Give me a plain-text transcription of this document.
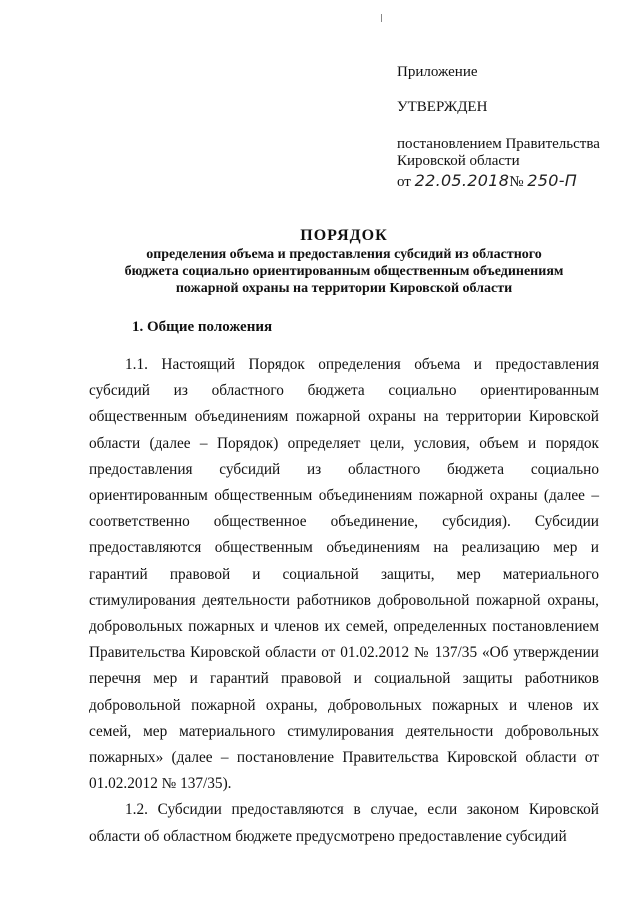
Приложение
УТВЕРЖДЕН
постановлением Правительства
Кировской области
от 22.05.2018№ 250-П
ПОРЯДОК
определения объема и предоставления субсидий из областного
бюджета социально ориентированным общественным объединениям
пожарной охраны на территории Кировской области
1. Общие положения

1.1. Настоящий Порядок определения объема и предоставления субсидий из областного бюджета социально ориентированным общественным объединениям пожарной охраны на территории Кировской области (далее – Порядок) определяет цели, условия, объем и порядок предоставления субсидий из областного бюджета социально ориентированным общественным объединениям пожарной охраны (далее – соответственно общественное объединение, субсидия). Субсидии предоставляются общественным объединениям на реализацию мер и гарантий правовой и социальной защиты, мер материального стимулирования деятельности работников добровольной пожарной охраны, добровольных пожарных и членов их семей, определенных постановлением Правительства Кировской области от 01.02.2012 № 137/35 «Об утверждении перечня мер и гарантий правовой и социальной защиты работников добровольной пожарной охраны, добровольных пожарных и членов их семей, мер материального стимулирования деятельности добровольных пожарных» (далее – постановление Правительства Кировской области от 01.02.2012 № 137/35).

1.2. Субсидии предоставляются в случае, если законом Кировской области об областном бюджете предусмотрено предоставление субсидий
